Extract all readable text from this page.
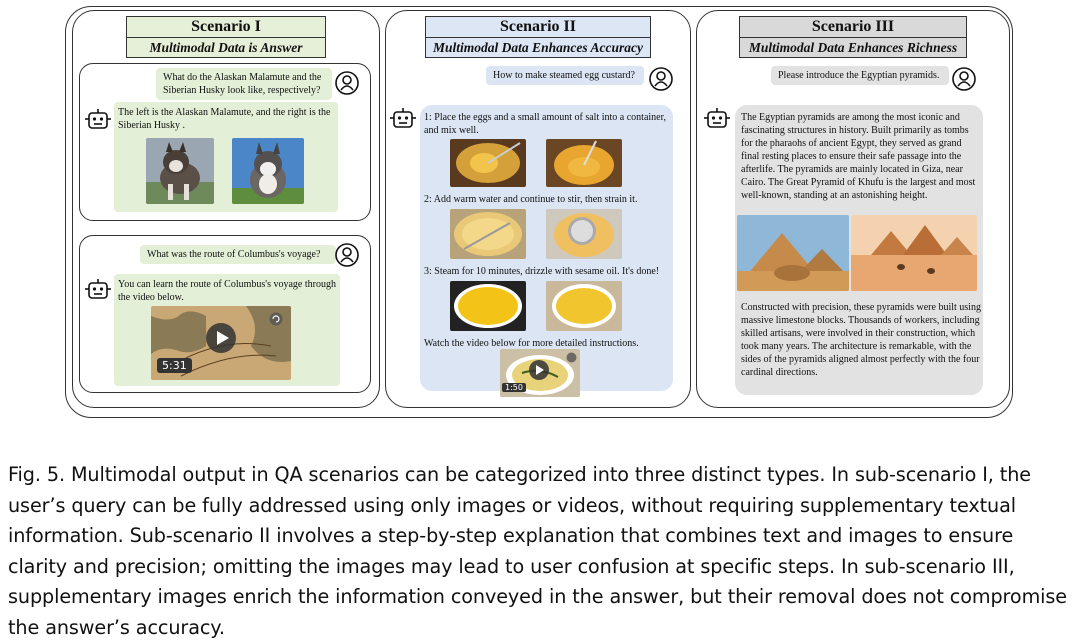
Scenario I
Multimodal Data is Answer
What do the Alaskan Malamute and the Siberian Husky look like, respectively?
The left is the Alaskan Malamute, and the right is the Siberian Husky .
What was the route of Columbus's voyage?
You can learn the route of Columbus's voyage through the video below.
5:31
Scenario II
Multimodal Data Enhances Accuracy
How to make steamed egg custard?
1: Place the eggs and a small amount of salt into a container, and mix well.
2: Add warm water and continue to stir, then strain it.
3: Steam for 10 minutes, drizzle with sesame oil. It's done!
Watch the video below for more detailed instructions.
1:50
Scenario III
Multimodal Data Enhances Richness
Please introduce the Egyptian pyramids.
The Egyptian pyramids are among the most iconic and fascinating structures in history. Built primarily as tombs for the pharaohs of ancient Egypt, they served as grand final resting places to ensure their safe passage into the afterlife. The pyramids are mainly located in Giza, near Cairo. The Great Pyramid of Khufu is the largest and most well-known, standing at an astonishing height.
Constructed with precision, these pyramids were built using massive limestone blocks. Thousands of workers, including skilled artisans, were involved in their construction, which took many years. The architecture is remarkable, with the sides of the pyramids aligned almost perfectly with the four cardinal directions.
Fig. 5. Multimodal output in QA scenarios can be categorized into three distinct types. In sub-scenario I, the user’s query can be fully addressed using only images or videos, without requiring supplementary textual information. Sub-scenario II involves a step-by-step explanation that combines text and images to ensure clarity and precision; omitting the images may lead to user confusion at specific steps. In sub-scenario III, supplementary images enrich the information conveyed in the answer, but their removal does not compromise the answer’s accuracy.
